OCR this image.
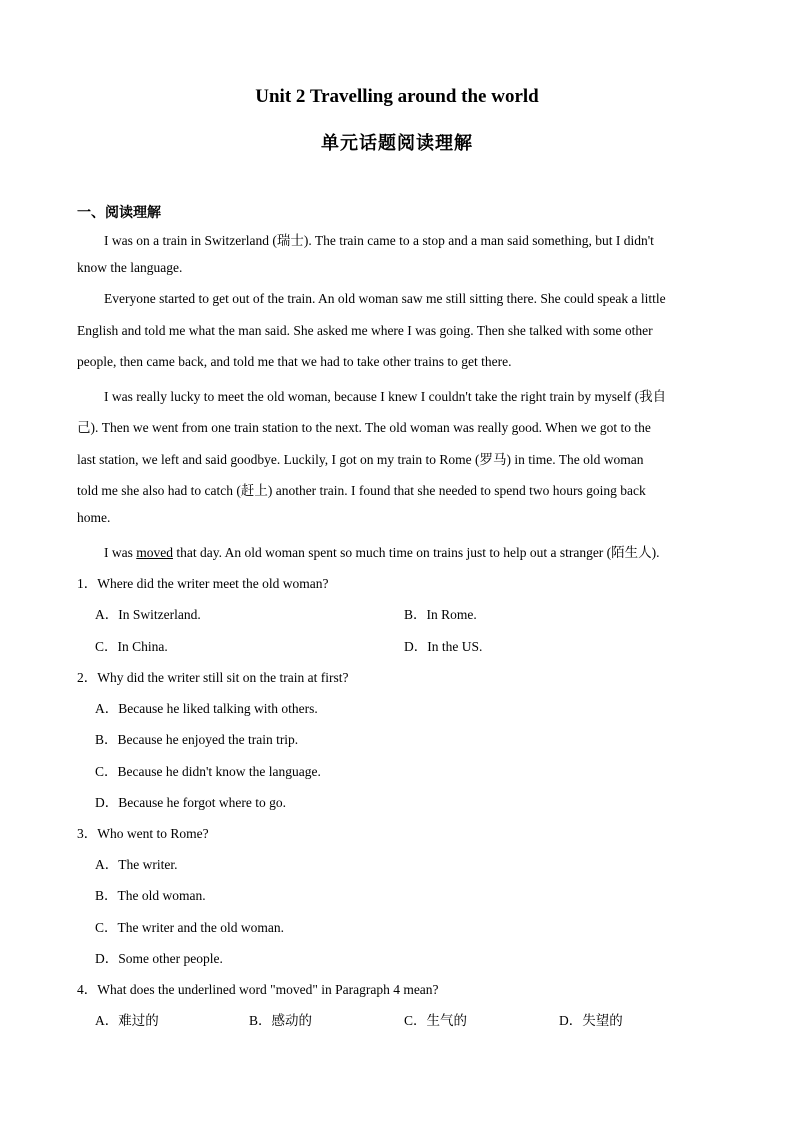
Unit 2 Travelling around the world
单元话题阅读理解
一、阅读理解
I was on a train in Switzerland (瑞士). The train came to a stop and a man said something, but I didn't
know the language.
Everyone started to get out of the train. An old woman saw me still sitting there. She could speak a little
English and told me what the man said. She asked me where I was going. Then she talked with some other
people, then came back, and told me that we had to take other trains to get there.
I was really lucky to meet the old woman, because I knew I couldn't take the right train by myself (我自
己). Then we went from one train station to the next. The old woman was really good. When we got to the
last station, we left and said goodbye. Luckily, I got on my train to Rome (罗马) in time. The old woman
told me she also had to catch (赶上) another train. I found that she needed to spend two hours going back
home.
I was moved that day. An old woman spent so much time on trains just to help out a stranger (陌生人).
1．Where did the writer meet the old woman?
A．In Switzerland.	B．In Rome.
C．In China.	D．In the US.
2．Why did the writer still sit on the train at first?
A．Because he liked talking with others.
B．Because he enjoyed the train trip.
C．Because he didn't know the language.
D．Because he forgot where to go.
3．Who went to Rome?
A．The writer.
B．The old woman.
C．The writer and the old woman.
D．Some other people.
4．What does the underlined word "moved" in Paragraph 4 mean?
A．难过的	B．感动的	C．生气的	D．失望的
